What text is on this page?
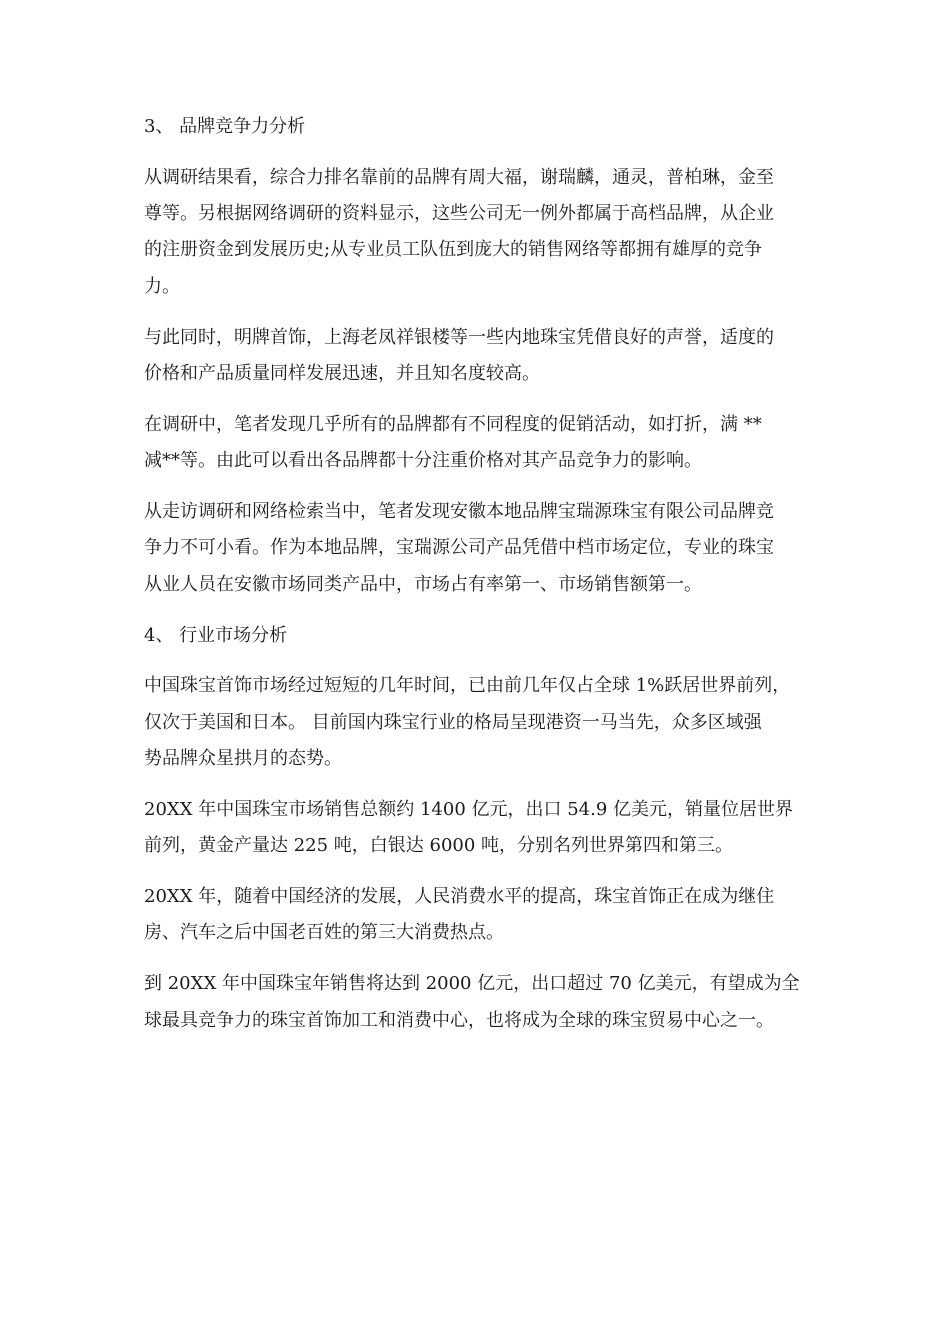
3、 品牌竞争力分析
从调研结果看，综合力排名靠前的品牌有周大福，谢瑞麟，通灵，普柏琳，金至
尊等。另根据网络调研的资料显示，这些公司无一例外都属于高档品牌，从企业
的注册资金到发展历史;从专业员工队伍到庞大的销售网络等都拥有雄厚的竞争
力。
与此同时，明牌首饰，上海老凤祥银楼等一些内地珠宝凭借良好的声誉，适度的
价格和产品质量同样发展迅速，并且知名度较高。
在调研中，笔者发现几乎所有的品牌都有不同程度的促销活动，如打折，满 **
减**等。由此可以看出各品牌都十分注重价格对其产品竞争力的影响。
从走访调研和网络检索当中，笔者发现安徽本地品牌宝瑞源珠宝有限公司品牌竞
争力不可小看。作为本地品牌，宝瑞源公司产品凭借中档市场定位，专业的珠宝
从业人员在安徽市场同类产品中，市场占有率第一、市场销售额第一。
4、 行业市场分析
中国珠宝首饰市场经过短短的几年时间，已由前几年仅占全球 1%跃居世界前列，
仅次于美国和日本。 目前国内珠宝行业的格局呈现港资一马当先，众多区域强
势品牌众星拱月的态势。
20XX 年中国珠宝市场销售总额约 1400 亿元，出口 54.9 亿美元，销量位居世界
前列，黄金产量达 225 吨，白银达 6000 吨，分别名列世界第四和第三。
20XX 年，随着中国经济的发展，人民消费水平的提高，珠宝首饰正在成为继住
房、汽车之后中国老百姓的第三大消费热点。
到 20XX 年中国珠宝年销售将达到 2000 亿元，出口超过 70 亿美元，有望成为全
球最具竞争力的珠宝首饰加工和消费中心，也将成为全球的珠宝贸易中心之一。
